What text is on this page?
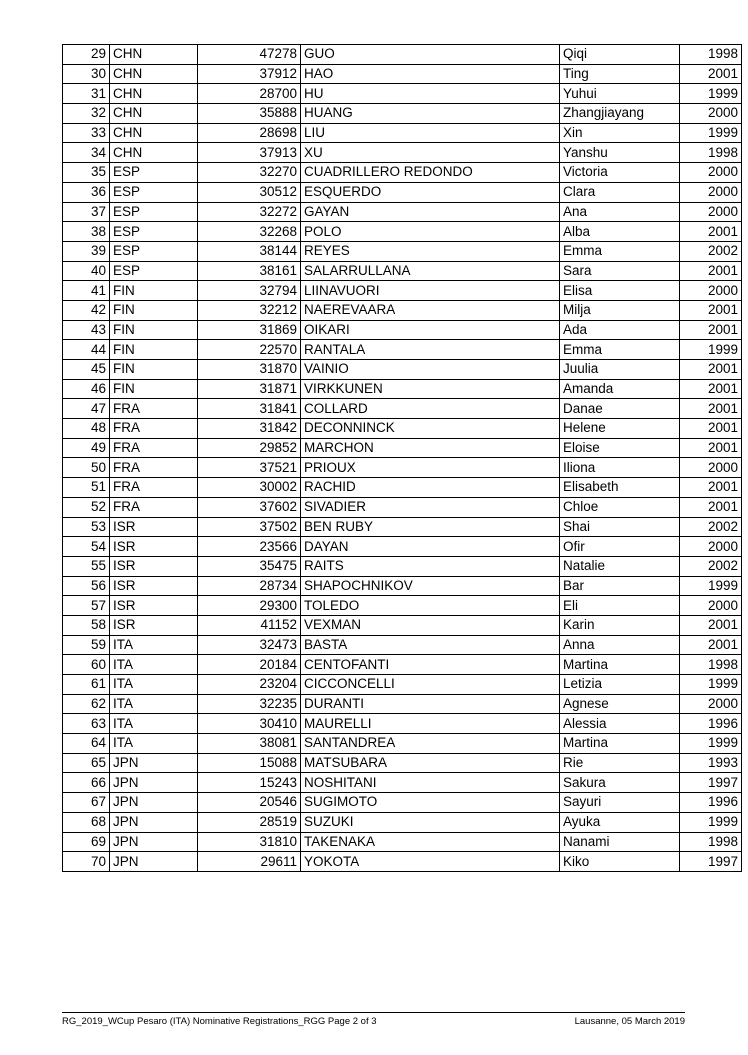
29	CHN	47278	GUO	Qiqi	1998
30	CHN	37912	HAO	Ting	2001
31	CHN	28700	HU	Yuhui	1999
32	CHN	35888	HUANG	Zhangjiayang	2000
33	CHN	28698	LIU	Xin	1999
34	CHN	37913	XU	Yanshu	1998
35	ESP	32270	CUADRILLERO REDONDO	Victoria	2000
36	ESP	30512	ESQUERDO	Clara	2000
37	ESP	32272	GAYAN	Ana	2000
38	ESP	32268	POLO	Alba	2001
39	ESP	38144	REYES	Emma	2002
40	ESP	38161	SALARRULLANA	Sara	2001
41	FIN	32794	LIINAVUORI	Elisa	2000
42	FIN	32212	NAEREVAARA	Milja	2001
43	FIN	31869	OIKARI	Ada	2001
44	FIN	22570	RANTALA	Emma	1999
45	FIN	31870	VAINIO	Juulia	2001
46	FIN	31871	VIRKKUNEN	Amanda	2001
47	FRA	31841	COLLARD	Danae	2001
48	FRA	31842	DECONNINCK	Helene	2001
49	FRA	29852	MARCHON	Eloise	2001
50	FRA	37521	PRIOUX	Iliona	2000
51	FRA	30002	RACHID	Elisabeth	2001
52	FRA	37602	SIVADIER	Chloe	2001
53	ISR	37502	BEN RUBY	Shai	2002
54	ISR	23566	DAYAN	Ofir	2000
55	ISR	35475	RAITS	Natalie	2002
56	ISR	28734	SHAPOCHNIKOV	Bar	1999
57	ISR	29300	TOLEDO	Eli	2000
58	ISR	41152	VEXMAN	Karin	2001
59	ITA	32473	BASTA	Anna	2001
60	ITA	20184	CENTOFANTI	Martina	1998
61	ITA	23204	CICCONCELLI	Letizia	1999
62	ITA	32235	DURANTI	Agnese	2000
63	ITA	30410	MAURELLI	Alessia	1996
64	ITA	38081	SANTANDREA	Martina	1999
65	JPN	15088	MATSUBARA	Rie	1993
66	JPN	15243	NOSHITANI	Sakura	1997
67	JPN	20546	SUGIMOTO	Sayuri	1996
68	JPN	28519	SUZUKI	Ayuka	1999
69	JPN	31810	TAKENAKA	Nanami	1998
70	JPN	29611	YOKOTA	Kiko	1997
RG_2019_WCup Pesaro (ITA) Nominative Registrations_RGG Page 2 of 3	Lausanne, 05 March 2019
